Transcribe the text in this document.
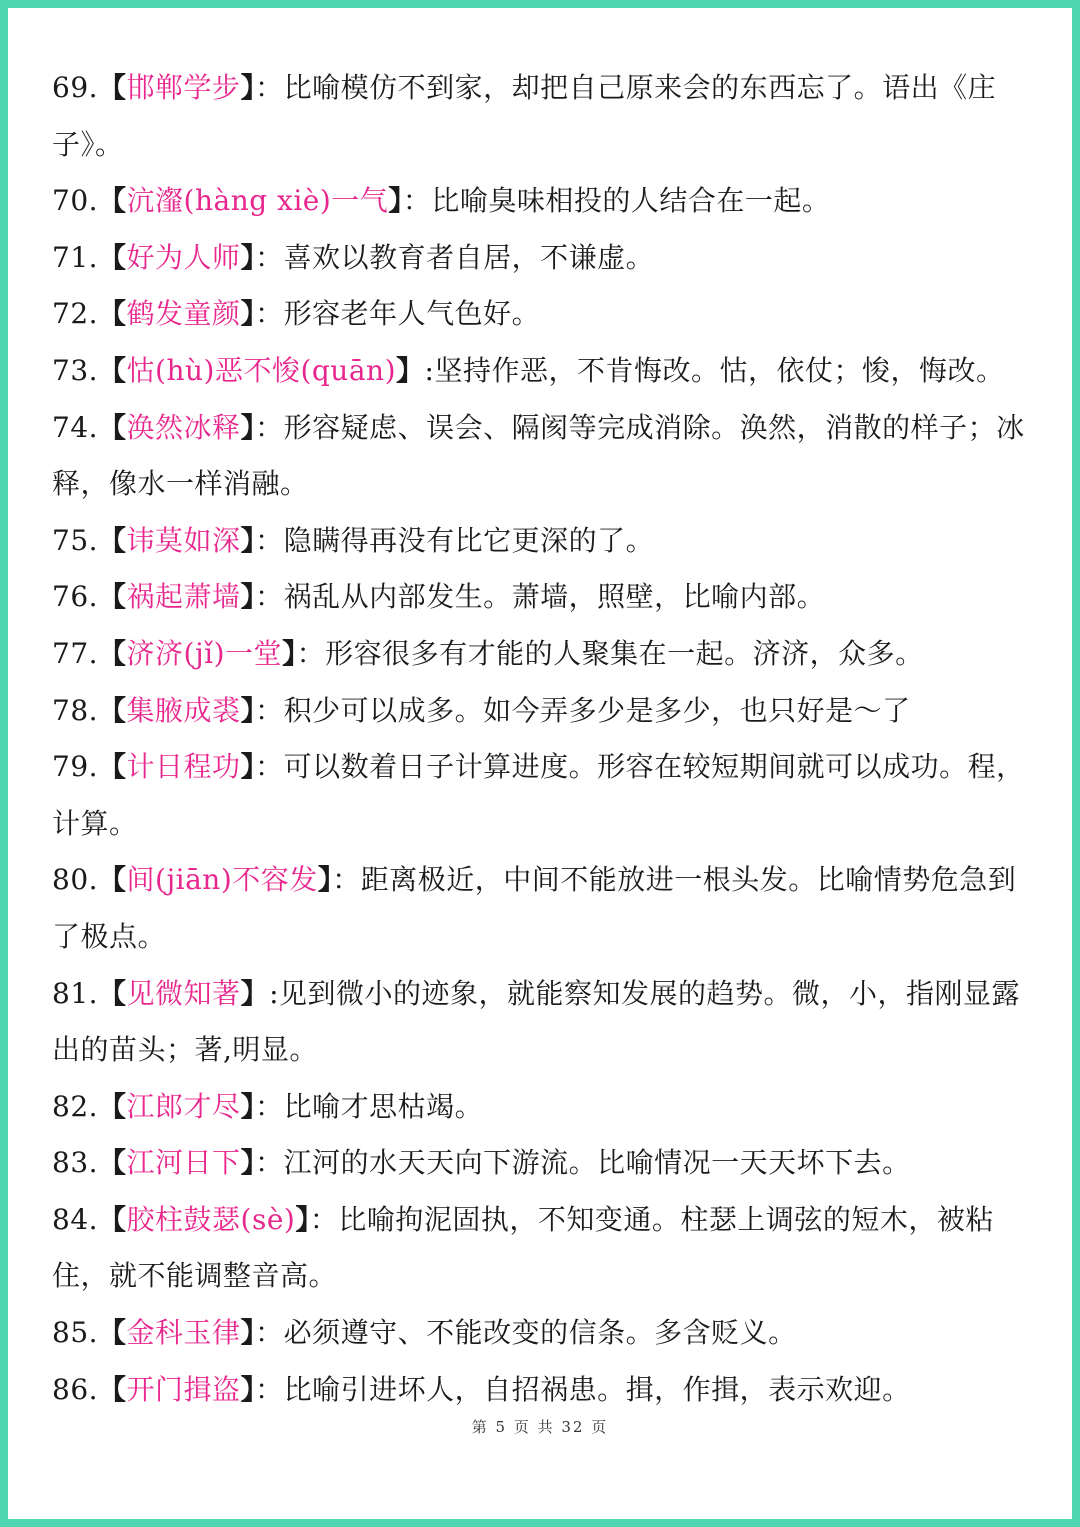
69.【邯郸学步】：比喻模仿不到家，却把自己原来会的东西忘了。语出《庄子》。

70.【沆瀣(hàng xiè)一气】：比喻臭味相投的人结合在一起。

71.【好为人师】：喜欢以教育者自居，不谦虚。

72.【鹤发童颜】：形容老年人气色好。

73.【怙(hù)恶不悛(quān)】:坚持作恶，不肯悔改。怙，依仗；悛，悔改。

74.【涣然冰释】：形容疑虑、误会、隔阂等完成消除。涣然，消散的样子；冰释，像水一样消融。

75.【讳莫如深】：隐瞒得再没有比它更深的了。

76.【祸起萧墙】：祸乱从内部发生。萧墙，照壁，比喻内部。

77.【济济(jǐ)一堂】：形容很多有才能的人聚集在一起。济济，众多。

78.【集腋成裘】：积少可以成多。如今弄多少是多少，也只好是～了

79.【计日程功】：可以数着日子计算进度。形容在较短期间就可以成功。程，计算。

80.【间(jiān)不容发】：距离极近，中间不能放进一根头发。比喻情势危急到了极点。

81.【见微知著】:见到微小的迹象，就能察知发展的趋势。微，小，指刚显露出的苗头；著,明显。

82.【江郎才尽】：比喻才思枯竭。

83.【江河日下】：江河的水天天向下游流。比喻情况一天天坏下去。

84.【胶柱鼓瑟(sè)】：比喻拘泥固执，不知变通。柱瑟上调弦的短木，被粘住，就不能调整音高。

85.【金科玉律】：必须遵守、不能改变的信条。多含贬义。

86.【开门揖盗】：比喻引进坏人，自招祸患。揖，作揖，表示欢迎。

第 5 页 共 32 页
